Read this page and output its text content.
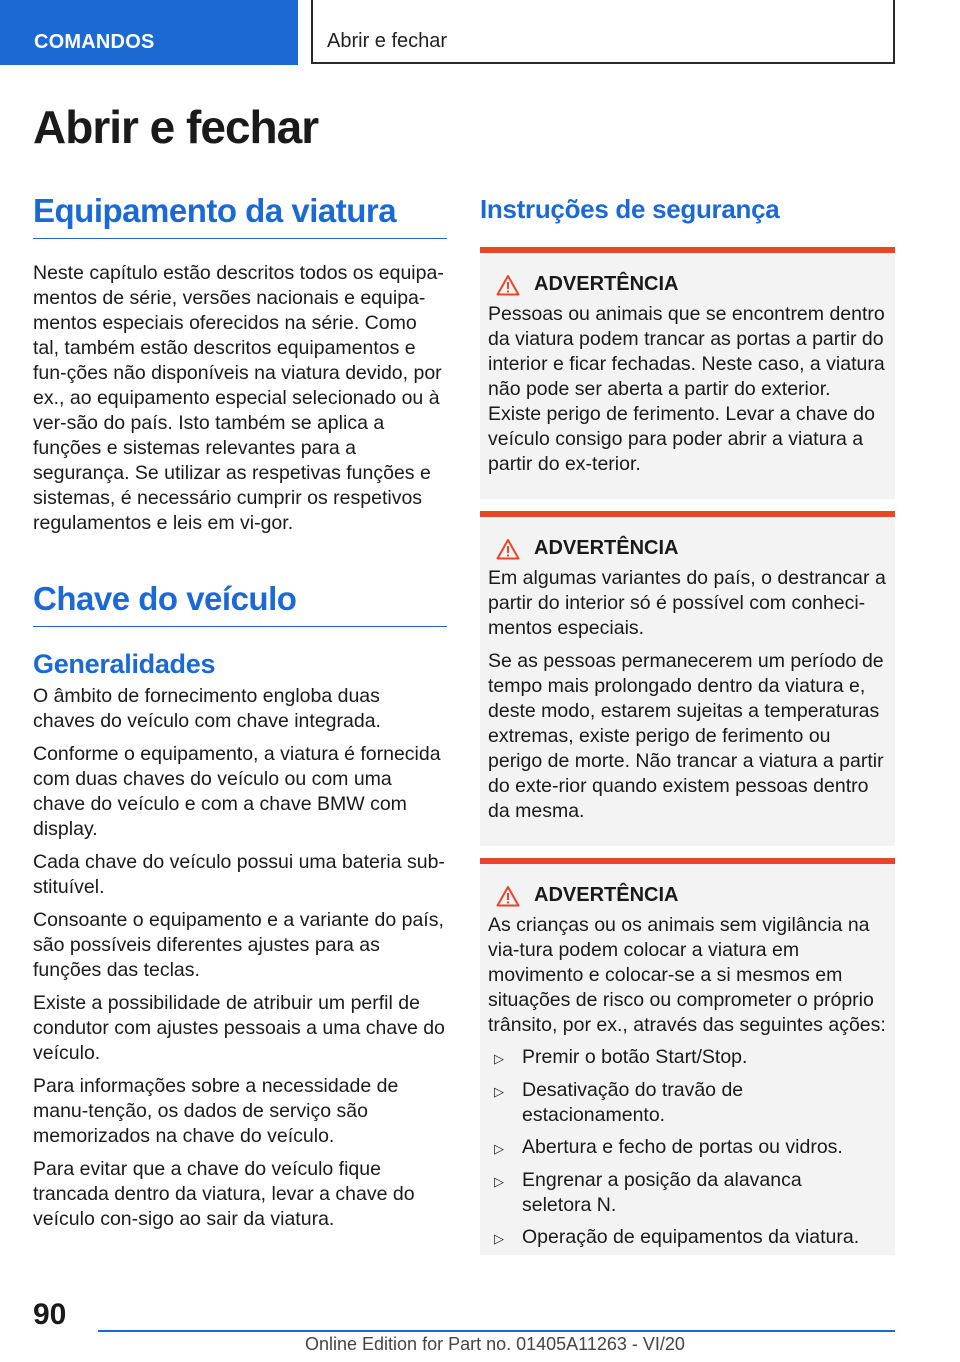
COMANDOS	Abrir e fechar
Abrir e fechar
Equipamento da viatura

Neste capítulo estão descritos todos os equipa-mentos de série, versões nacionais e equipa-mentos especiais oferecidos na série. Como tal, também estão descritos equipamentos e fun-ções não disponíveis na viatura devido, por ex., ao equipamento especial selecionado ou à ver-são do país. Isto também se aplica a funções e sistemas relevantes para a segurança. Se utilizar as respetivas funções e sistemas, é necessário cumprir os respetivos regulamentos e leis em vi-gor.

Chave do veículo
Generalidades

O âmbito de fornecimento engloba duas chaves do veículo com chave integrada.

Conforme o equipamento, a viatura é fornecida com duas chaves do veículo ou com uma chave do veículo e com a chave BMW com display.

Cada chave do veículo possui uma bateria sub-stituível.

Consoante o equipamento e a variante do país, são possíveis diferentes ajustes para as funções das teclas.

Existe a possibilidade de atribuir um perfil de condutor com ajustes pessoais a uma chave do veículo.

Para informações sobre a necessidade de manu-tenção, os dados de serviço são memorizados na chave do veículo.

Para evitar que a chave do veículo fique trancada dentro da viatura, levar a chave do veículo con-sigo ao sair da viatura.

Instruções de segurança
ADVERTÊNCIA

Pessoas ou animais que se encontrem dentro da viatura podem trancar as portas a partir do interior e ficar fechadas. Neste caso, a viatura não pode ser aberta a partir do exterior. Existe perigo de ferimento. Levar a chave do veículo consigo para poder abrir a viatura a partir do ex-terior.

ADVERTÊNCIA

Em algumas variantes do país, o destrancar a partir do interior só é possível com conheci-mentos especiais.

Se as pessoas permanecerem um período de tempo mais prolongado dentro da viatura e, deste modo, estarem sujeitas a temperaturas extremas, existe perigo de ferimento ou perigo de morte. Não trancar a viatura a partir do exte-rior quando existem pessoas dentro da mesma.

ADVERTÊNCIA

As crianças ou os animais sem vigilância na via-tura podem colocar a viatura em movimento e colocar-se a si mesmos em situações de risco ou comprometer o próprio trânsito, por ex., através das seguintes ações:

▷ Premir o botão Start/Stop.
▷ Desativação do travão de estacionamento.
▷ Abertura e fecho de portas ou vidros.
▷ Engrenar a posição da alavanca seletora N.
▷ Operação de equipamentos da viatura.
90
Online Edition for Part no. 01405A11263 - VI/20
